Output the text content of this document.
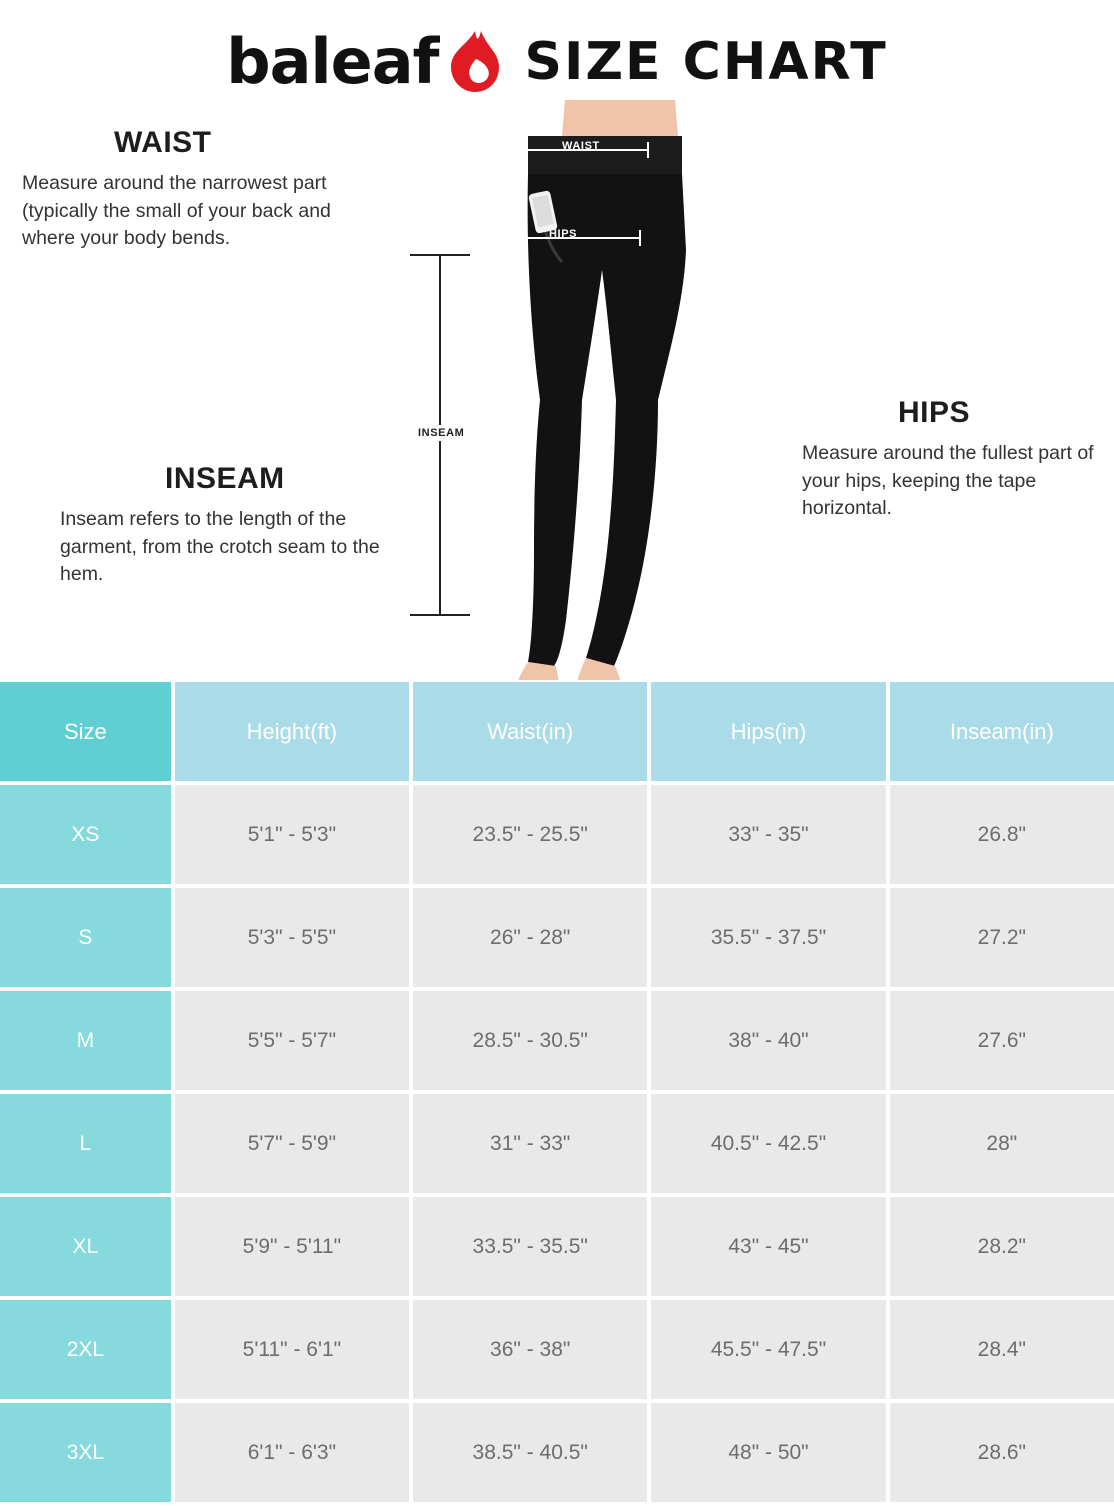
baleaf SIZE CHART
WAIST
HIPS
INSEAM
WAIST

Measure around the narrowest part (typically the small of your back and where your body bends.

INSEAM

Inseam refers to the length of the garment, from the crotch seam to the hem.

HIPS

Measure around the fullest part of your hips, keeping the tape horizontal.

Size	Height(ft)	Waist(in)	Hips(in)	Inseam(in)
XS	5'1" - 5'3"	23.5" - 25.5"	33" - 35"	26.8"
S	5'3" - 5'5"	26" - 28"	35.5" - 37.5"	27.2"
M	5'5" - 5'7"	28.5" - 30.5"	38" - 40"	27.6"
L	5'7" - 5'9"	31" - 33"	40.5" - 42.5"	28"
XL	5'9" - 5'11"	33.5" - 35.5"	43" - 45"	28.2"
2XL	5'11" - 6'1"	36" - 38"	45.5" - 47.5"	28.4"
3XL	6'1" - 6'3"	38.5" - 40.5"	48" - 50"	28.6"
